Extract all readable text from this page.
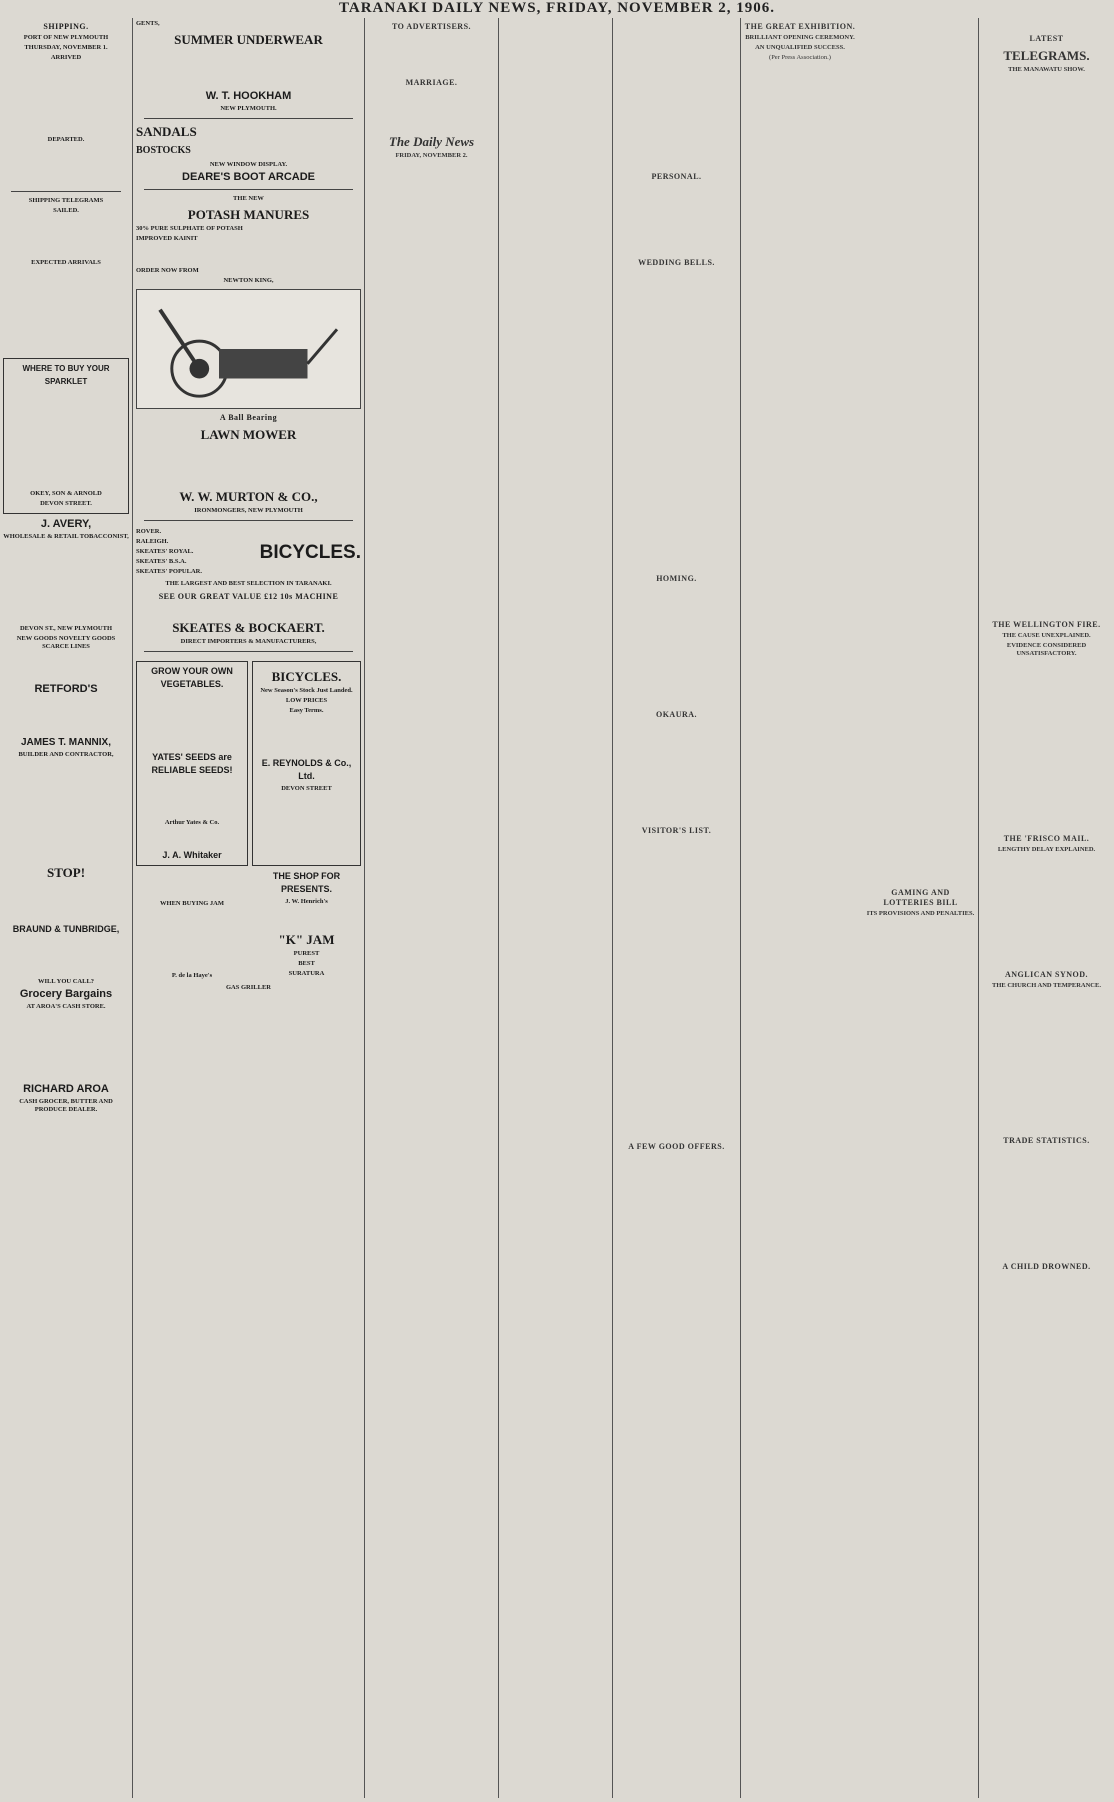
TARANAKI DAILY NEWS, FRIDAY, NOVEMBER 2, 1906.
SHIPPING.
PORT OF NEW PLYMOUTH
THURSDAY, NOVEMBER 1.
ARRIVED
DEPARTED.
SHIPPING TELEGRAMS
SAILED.
EXPECTED ARRIVALS
WHERE TO BUY YOUR SPARKLET
OKEY, SON & ARNOLD
DEVON STREET.
J. AVERY,
WHOLESALE & RETAIL TOBACCONIST,
DEVON ST., NEW PLYMOUTH
NEW GOODS NOVELTY GOODS SCARCE LINES
RETFORD'S
JAMES T. MANNIX,
BUILDER AND CONTRACTOR,
STOP!
BRAUND & TUNBRIDGE,
WILL YOU CALL?
Grocery Bargains
AT AROA'S CASH STORE.
RICHARD AROA
CASH GROCER, BUTTER AND PRODUCE DEALER.
GENTS,
SUMMER UNDERWEAR
W. T. HOOKHAM
NEW PLYMOUTH.
SANDALS
BOSTOCKS
NEW WINDOW DISPLAY.
DEARE'S BOOT ARCADE
THE NEW
POTASH MANURES
30% PURE SULPHATE OF POTASH
IMPROVED KAINIT
ORDER NOW FROM
NEWTON KING,
A Ball Bearing
LAWN MOWER
W. W. MURTON & CO.,
IRONMONGERS, NEW PLYMOUTH
ROVER.
RALEIGH.
SKEATES' ROYAL.
SKEATES' B.S.A.
SKEATES' POPULAR.
BICYCLES.
THE LARGEST AND BEST SELECTION IN TARANAKI.
SEE OUR GREAT VALUE £12 10s MACHINE
SKEATES & BOCKAERT.
DIRECT IMPORTERS & MANUFACTURERS,
GROW YOUR OWN VEGETABLES.
YATES' SEEDS are RELIABLE SEEDS!
Arthur Yates & Co.
J. A. Whitaker
BICYCLES.
New Season's Stock Just Landed.
LOW PRICES
Easy Terms.
E. REYNOLDS & Co., Ltd.
DEVON STREET
WHEN BUYING JAM
P. de la Haye's
THE SHOP FOR PRESENTS.
J. W. Henrich's
"K" JAM
PUREST
BEST
SURATURA
GAS GRILLER
TO ADVERTISERS.
MARRIAGE.
The Daily News
FRIDAY, NOVEMBER 2.
PERSONAL.
WEDDING BELLS.
HOMING.
OKAURA.
VISITOR'S LIST.
A FEW GOOD OFFERS.
THE GREAT EXHIBITION.
BRILLIANT OPENING CEREMONY.
AN UNQUALIFIED SUCCESS.
(Per Press Association.)
GAMING AND LOTTERIES BILL
ITS PROVISIONS AND PENALTIES.
LATEST
TELEGRAMS.
THE MANAWATU SHOW.
THE WELLINGTON FIRE.
THE CAUSE UNEXPLAINED.
EVIDENCE CONSIDERED UNSATISFACTORY.
THE 'FRISCO MAIL.
LENGTHY DELAY EXPLAINED.
ANGLICAN SYNOD.
THE CHURCH AND TEMPERANCE.
TRADE STATISTICS.
A CHILD DROWNED.
